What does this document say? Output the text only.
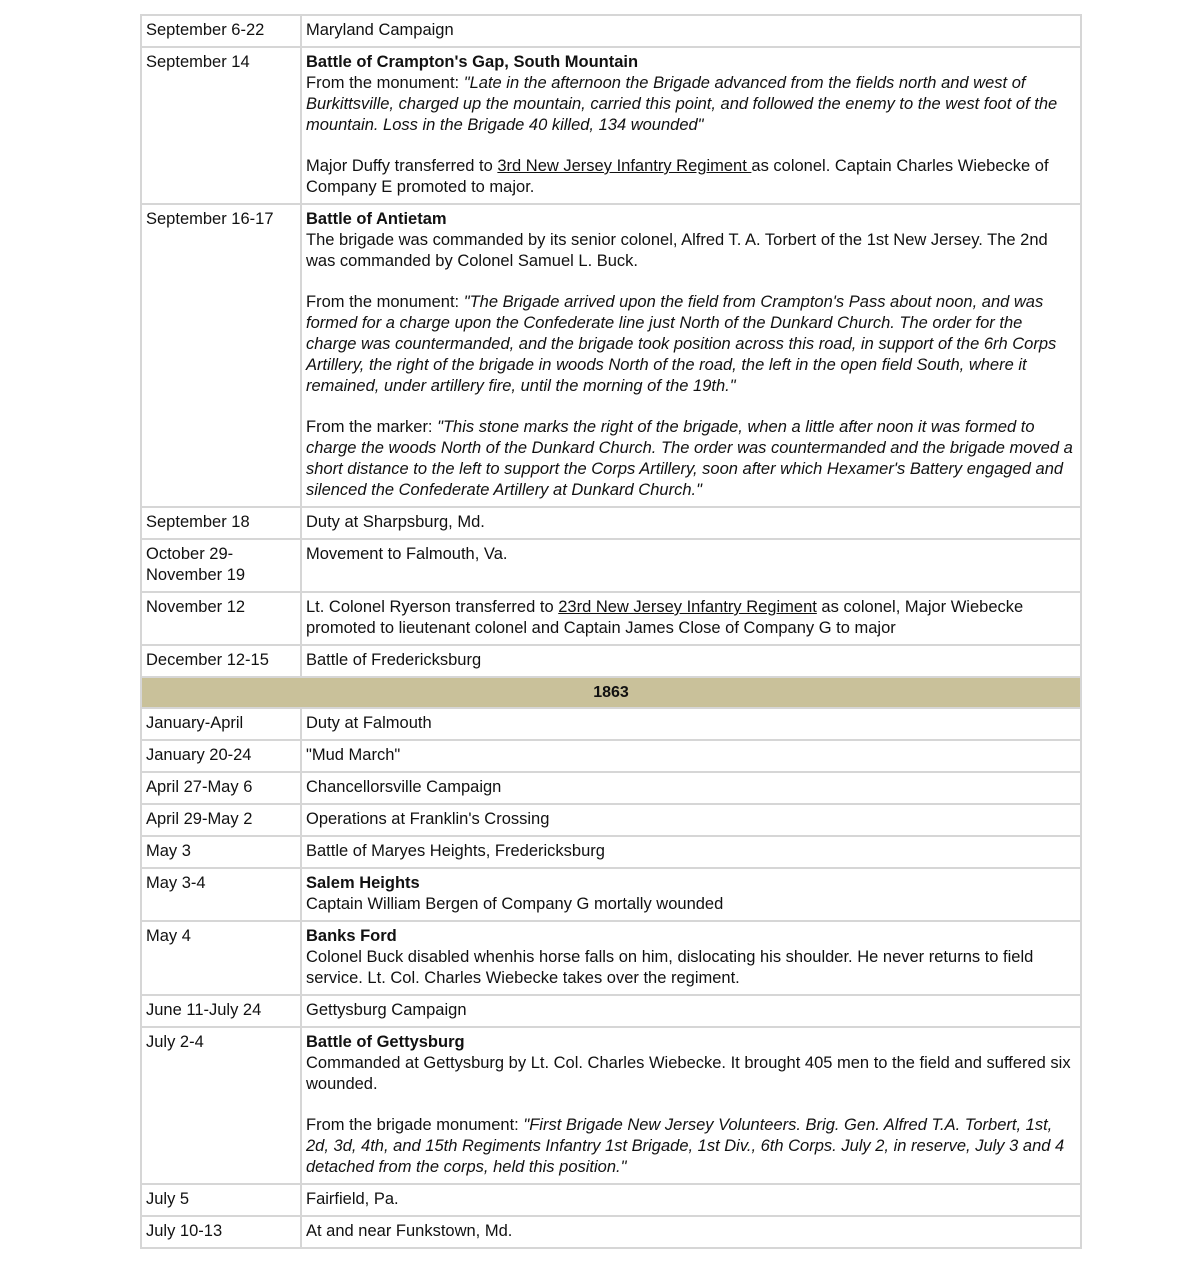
September 6-22	Maryland Campaign
September 14	Battle of Crampton's Gap, South Mountain
From the monument: "Late in the afternoon the Brigade advanced from the fields north and west of Burkittsville, charged up the mountain, carried this point, and followed the enemy to the west foot of the mountain. Loss in the Brigade 40 killed, 134 wounded"
Major Duffy transferred to 3rd New Jersey Infantry Regiment as colonel. Captain Charles Wiebecke of Company E promoted to major.

September 16-17	Battle of Antietam
The brigade was commanded by its senior colonel, Alfred T. A. Torbert of the 1st New Jersey. The 2nd was commanded by Colonel Samuel L. Buck.
From the monument: "The Brigade arrived upon the field from Crampton's Pass about noon, and was formed for a charge upon the Confederate line just North of the Dunkard Church. The order for the charge was countermanded, and the brigade took position across this road, in support of the 6rh Corps Artillery, the right of the brigade in woods North of the road, the left in the open field South, where it remained, under artillery fire, until the morning of the 19th."
From the marker: "This stone marks the right of the brigade, when a little after noon it was formed to charge the woods North of the Dunkard Church. The order was countermanded and the brigade moved a short distance to the left to support the Corps Artillery, soon after which Hexamer's Battery engaged and silenced the Confederate Artillery at Dunkard Church."

September 18	Duty at Sharpsburg, Md.

October 29-
November 19	Movement to Falmouth, Va.
November 12	Lt. Colonel Ryerson transferred to 23rd New Jersey Infantry Regiment as colonel, Major Wiebecke promoted to lieutenant colonel and Captain James Close of Company G to major
December 12-15	Battle of Fredericksburg
1863	
January-April	Duty at Falmouth
January 20-24	"Mud March"
April 27-May 6	Chancellorsville Campaign
April 29-May 2	Operations at Franklin's Crossing
May 3	Battle of Maryes Heights, Fredericksburg
May 3-4	Salem Heights
Captain William Bergen of Company G mortally wounded

May 4	Banks Ford
Colonel Buck disabled whenhis horse falls on him, dislocating his shoulder. He never returns to field service. Lt. Col. Charles Wiebecke takes over the regiment.

June 11-July 24	Gettysburg Campaign
July 2-4	Battle of Gettysburg
Commanded at Gettysburg by Lt. Col. Charles Wiebecke. It brought 405 men to the field and suffered six wounded.
From the brigade monument: "First Brigade New Jersey Volunteers. Brig. Gen. Alfred T.A. Torbert, 1st, 2d, 3d, 4th, and 15th Regiments Infantry 1st Brigade, 1st Div., 6th Corps. July 2, in reserve, July 3 and 4 detached from the corps, held this position."

July 5	Fairfield, Pa.
July 10-13	At and near Funkstown, Md.
